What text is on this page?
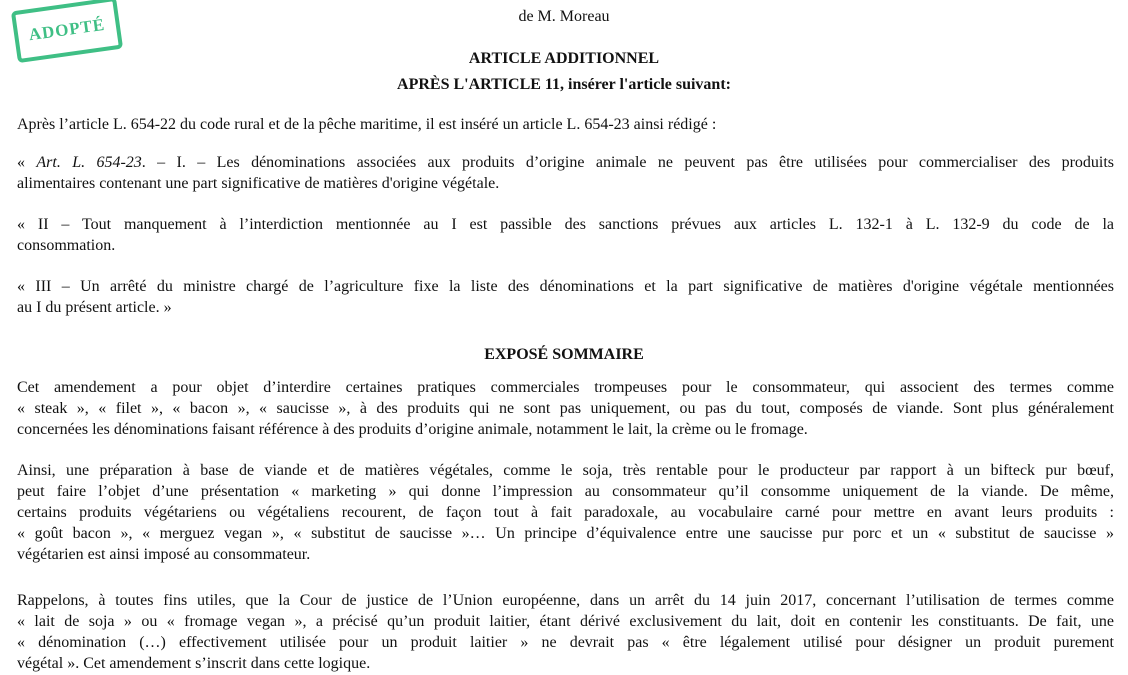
ADOPTÉ	de M. Moreau
ARTICLE ADDITIONNEL
APRÈS L'ARTICLE 11, insérer l'article suivant:
Après l’article L. 654-22 du code rural et de la pêche maritime, il est inséré un article L. 654-23 ainsi rédigé :
« Art. L. 654-23. – I. – Les dénominations associées aux produits d’origine animale ne peuvent pas être utilisées pour commercialiser des produits
alimentaires contenant une part significative de matières d'origine végétale.
« II – Tout manquement à l’interdiction mentionnée au I est passible des sanctions prévues aux articles L. 132-1 à L. 132-9 du code de la
consommation.
« III – Un arrêté du ministre chargé de l’agriculture fixe la liste des dénominations et la part significative de matières d'origine végétale mentionnées
au I du présent article. »
EXPOSÉ SOMMAIRE
Cet amendement a pour objet d’interdire certaines pratiques commerciales trompeuses pour le consommateur, qui associent des termes comme
« steak », « filet », « bacon », « saucisse », à des produits qui ne sont pas uniquement, ou pas du tout, composés de viande. Sont plus généralement
concernées les dénominations faisant référence à des produits d’origine animale, notamment le lait, la crème ou le fromage.
Ainsi, une préparation à base de viande et de matières végétales, comme le soja, très rentable pour le producteur par rapport à un bifteck pur bœuf,
peut faire l’objet d’une présentation « marketing » qui donne l’impression au consommateur qu’il consomme uniquement de la viande. De même,
certains produits végétariens ou végétaliens recourent, de façon tout à fait paradoxale, au vocabulaire carné pour mettre en avant leurs produits :
« goût bacon », « merguez vegan », « substitut de saucisse »… Un principe d’équivalence entre une saucisse pur porc et un « substitut de saucisse »
végétarien est ainsi imposé au consommateur.
Rappelons, à toutes fins utiles, que la Cour de justice de l’Union européenne, dans un arrêt du 14 juin 2017, concernant l’utilisation de termes comme
« lait de soja » ou « fromage vegan », a précisé qu’un produit laitier, étant dérivé exclusivement du lait, doit en contenir les constituants. De fait, une
« dénomination (…) effectivement utilisée pour un produit laitier » ne devrait pas « être légalement utilisé pour désigner un produit purement
végétal ». Cet amendement s’inscrit dans cette logique.
